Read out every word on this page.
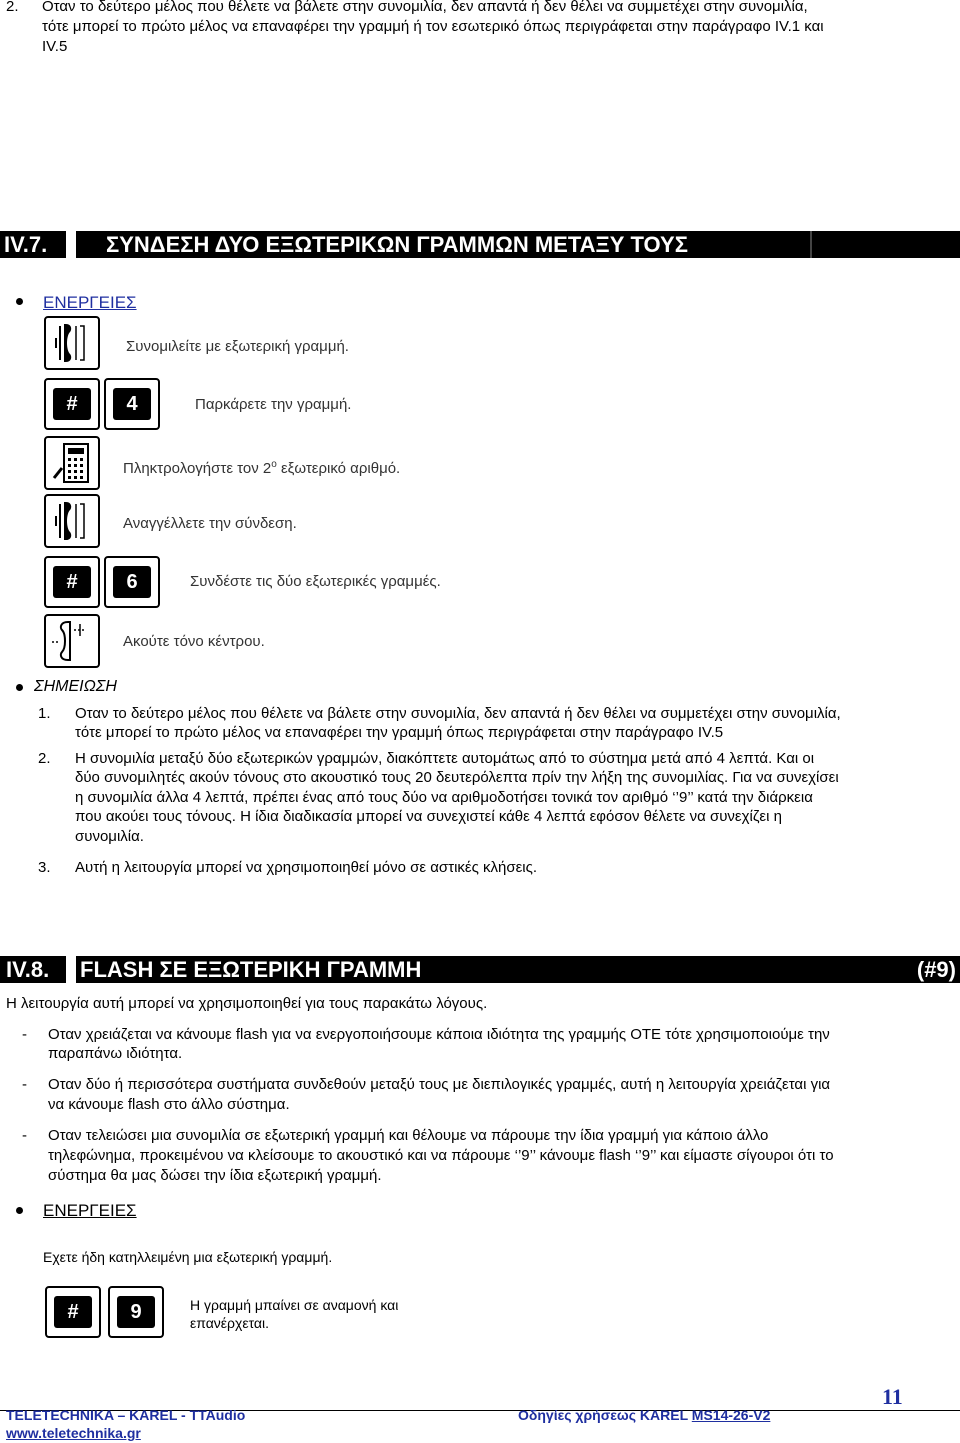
2. Οταν το δεύτερο μέλος που θέλετε να βάλετε στην συνομιλία, δεν απαντά ή δεν θέλει να συμμετέχει στην συνομιλία,
τότε μπορεί το πρώτο μέλος να επαναφέρει την γραμμή ή τον εσωτερικό όπως περιγράφεται στην παράγραφο IV.1 και
IV.5
IV.7.	ΣΥΝΔΕΣΗ ΔΥΟ ΕΞΩΤΕΡΙΚΩΝ ΓΡΑΜΜΩΝ ΜΕΤΑΞΥ ΤΟΥΣ
ΕΝΕΡΓΕΙΕΣ
Συνομιλείτε με εξωτερική γραμμή.
#	4	Παρκάρετε την γραμμή.
Πληκτρολογήστε τον $2^o$ εξωτερικό αριθμό.
Αναγγέλλετε την σύνδεση.
#	6	Συνδέστε τις δύο εξωτερικές γραμμές.
Ακούτε τόνο κέντρου.
ΣΗΜΕΙΩΣΗ
1. Οταν το δεύτερο μέλος που θέλετε να βάλετε στην συνομιλία, δεν απαντά ή δεν θέλει να συμμετέχει στην συνομιλία,
τότε μπορεί το πρώτο μέλος να επαναφέρει την γραμμή όπως περιγράφεται στην παράγραφο IV.5
2. Η συνομιλία μεταξύ δύο εξωτερικών γραμμών, διακόπτετε αυτομάτως από το σύστημα μετά από 4 λεπτά. Και οι
δύο συνομιλητές ακούν τόνους στο ακουστικό τους 20 δευτερόλεπτα πρίν την λήξη της συνομιλίας. Για να συνεχίσει
η συνομιλία άλλα 4 λεπτά, πρέπει ένας από τους δύο να αριθμοδοτήσει τονικά τον αριθμό ‘’9’’ κατά την διάρκεια
που ακούει τους τόνους. Η ίδια διαδικασία μπορεί να συνεχιστεί κάθε 4 λεπτά εφόσον θέλετε να συνεχίζει η
συνομιλία.
3. Αυτή η λειτουργία μπορεί να χρησιμοποιηθεί μόνο σε αστικές κλήσεις.
IV.8.	FLASH ΣΕ ΕΞΩΤΕΡΙΚΗ ΓΡΑΜΜΗ	(#9)
Η λειτουργία αυτή μπορεί να χρησιμοποιηθεί για τους παρακάτω λόγους.
- Οταν χρειάζεται να κάνουμε flash για να ενεργοποιήσουμε κάποια ιδιότητα της γραμμής ΟΤΕ τότε χρησιμοποιούμε την
παραπάνω ιδιότητα.
- Οταν δύο ή περισσότερα συστήματα συνδεθούν μεταξύ τους με διεπιλογικές γραμμές, αυτή η λειτουργία χρειάζεται για
να κάνουμε flash στο άλλο σύστημα.
- Οταν τελειώσει μια συνομιλία σε εξωτερική γραμμή και θέλουμε να πάρουμε την ίδια γραμμή για κάποιο άλλο
τηλεφώνημα, προκειμένου να κλείσουμε το ακουστικό και να πάρουμε ‘’9’’ κάνουμε flash ‘’9’’ και είμαστε σίγουροι ότι το
σύστημα θα μας δώσει την ίδια εξωτερική γραμμή.
ΕΝΕΡΓΕΙΕΣ
Εχετε ήδη κατηλλειμένη μια εξωτερική γραμμή.
#	9	Η γραμμή μπαίνει σε αναμονή και
επανέρχεται.
11
TELETECHNIKA – KAREL - TTAudio	Οδηγίες χρήσεως KAREL MS14-26-V2
www.teletechnika.gr
